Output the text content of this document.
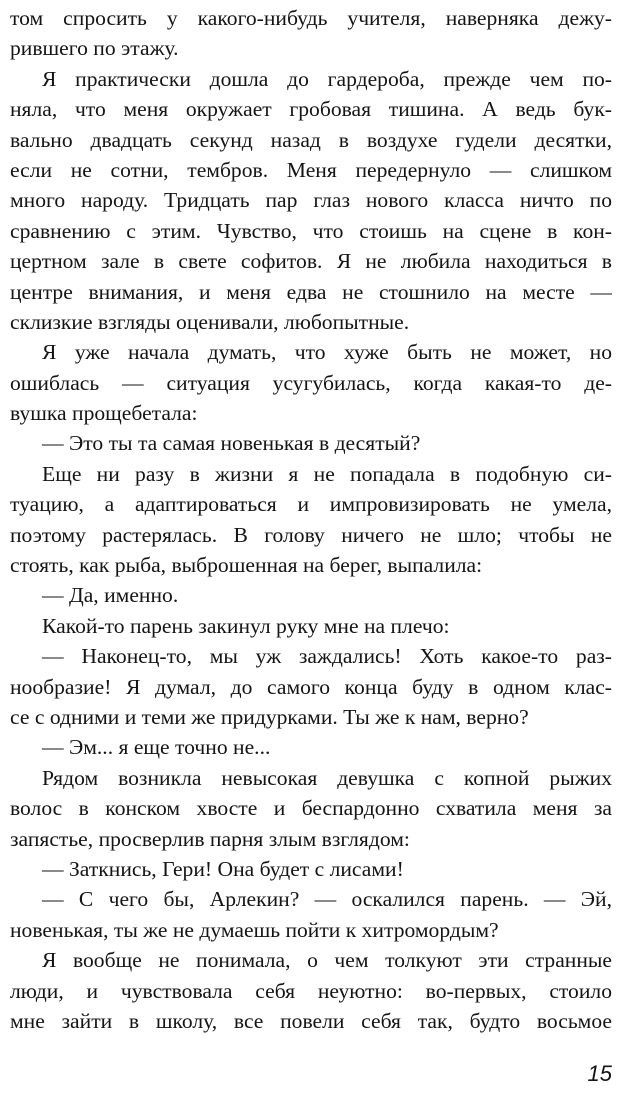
том спросить у какого-нибудь учителя, наверняка дежу-
рившего по этажу.
Я практически дошла до гардероба, прежде чем по-
няла, что меня окружает гробовая тишина. А ведь бук-
вально двадцать секунд назад в воздухе гудели десятки,
если не сотни, тембров. Меня передернуло — слишком
много народу. Тридцать пар глаз нового класса ничто по
сравнению с этим. Чувство, что стоишь на сцене в кон-
цертном зале в свете софитов. Я не любила находиться в
центре внимания, и меня едва не стошнило на месте —
склизкие взгляды оценивали, любопытные.
Я уже начала думать, что хуже быть не может, но
ошиблась — ситуация усугубилась, когда какая-то де-
вушка прощебетала:
— Это ты та самая новенькая в десятый?
Еще ни разу в жизни я не попадала в подобную си-
туацию, а адаптироваться и импровизировать не умела,
поэтому растерялась. В голову ничего не шло; чтобы не
стоять, как рыба, выброшенная на берег, выпалила:
— Да, именно.
Какой-то парень закинул руку мне на плечо:
— Наконец-то, мы уж заждались! Хоть какое-то раз-
нообразие! Я думал, до самого конца буду в одном клас-
се с одними и теми же придурками. Ты же к нам, верно?
— Эм... я еще точно не...
Рядом возникла невысокая девушка с копной рыжих
волос в конском хвосте и беспардонно схватила меня за
запястье, просверлив парня злым взглядом:
— Заткнись, Гери! Она будет с лисами!
— С чего бы, Арлекин? — оскалился парень. — Эй,
новенькая, ты же не думаешь пойти к хитромордым?
Я вообще не понимала, о чем толкуют эти странные
люди, и чувствовала себя неуютно: во-первых, стоило
мне зайти в школу, все повели себя так, будто восьмое
15
